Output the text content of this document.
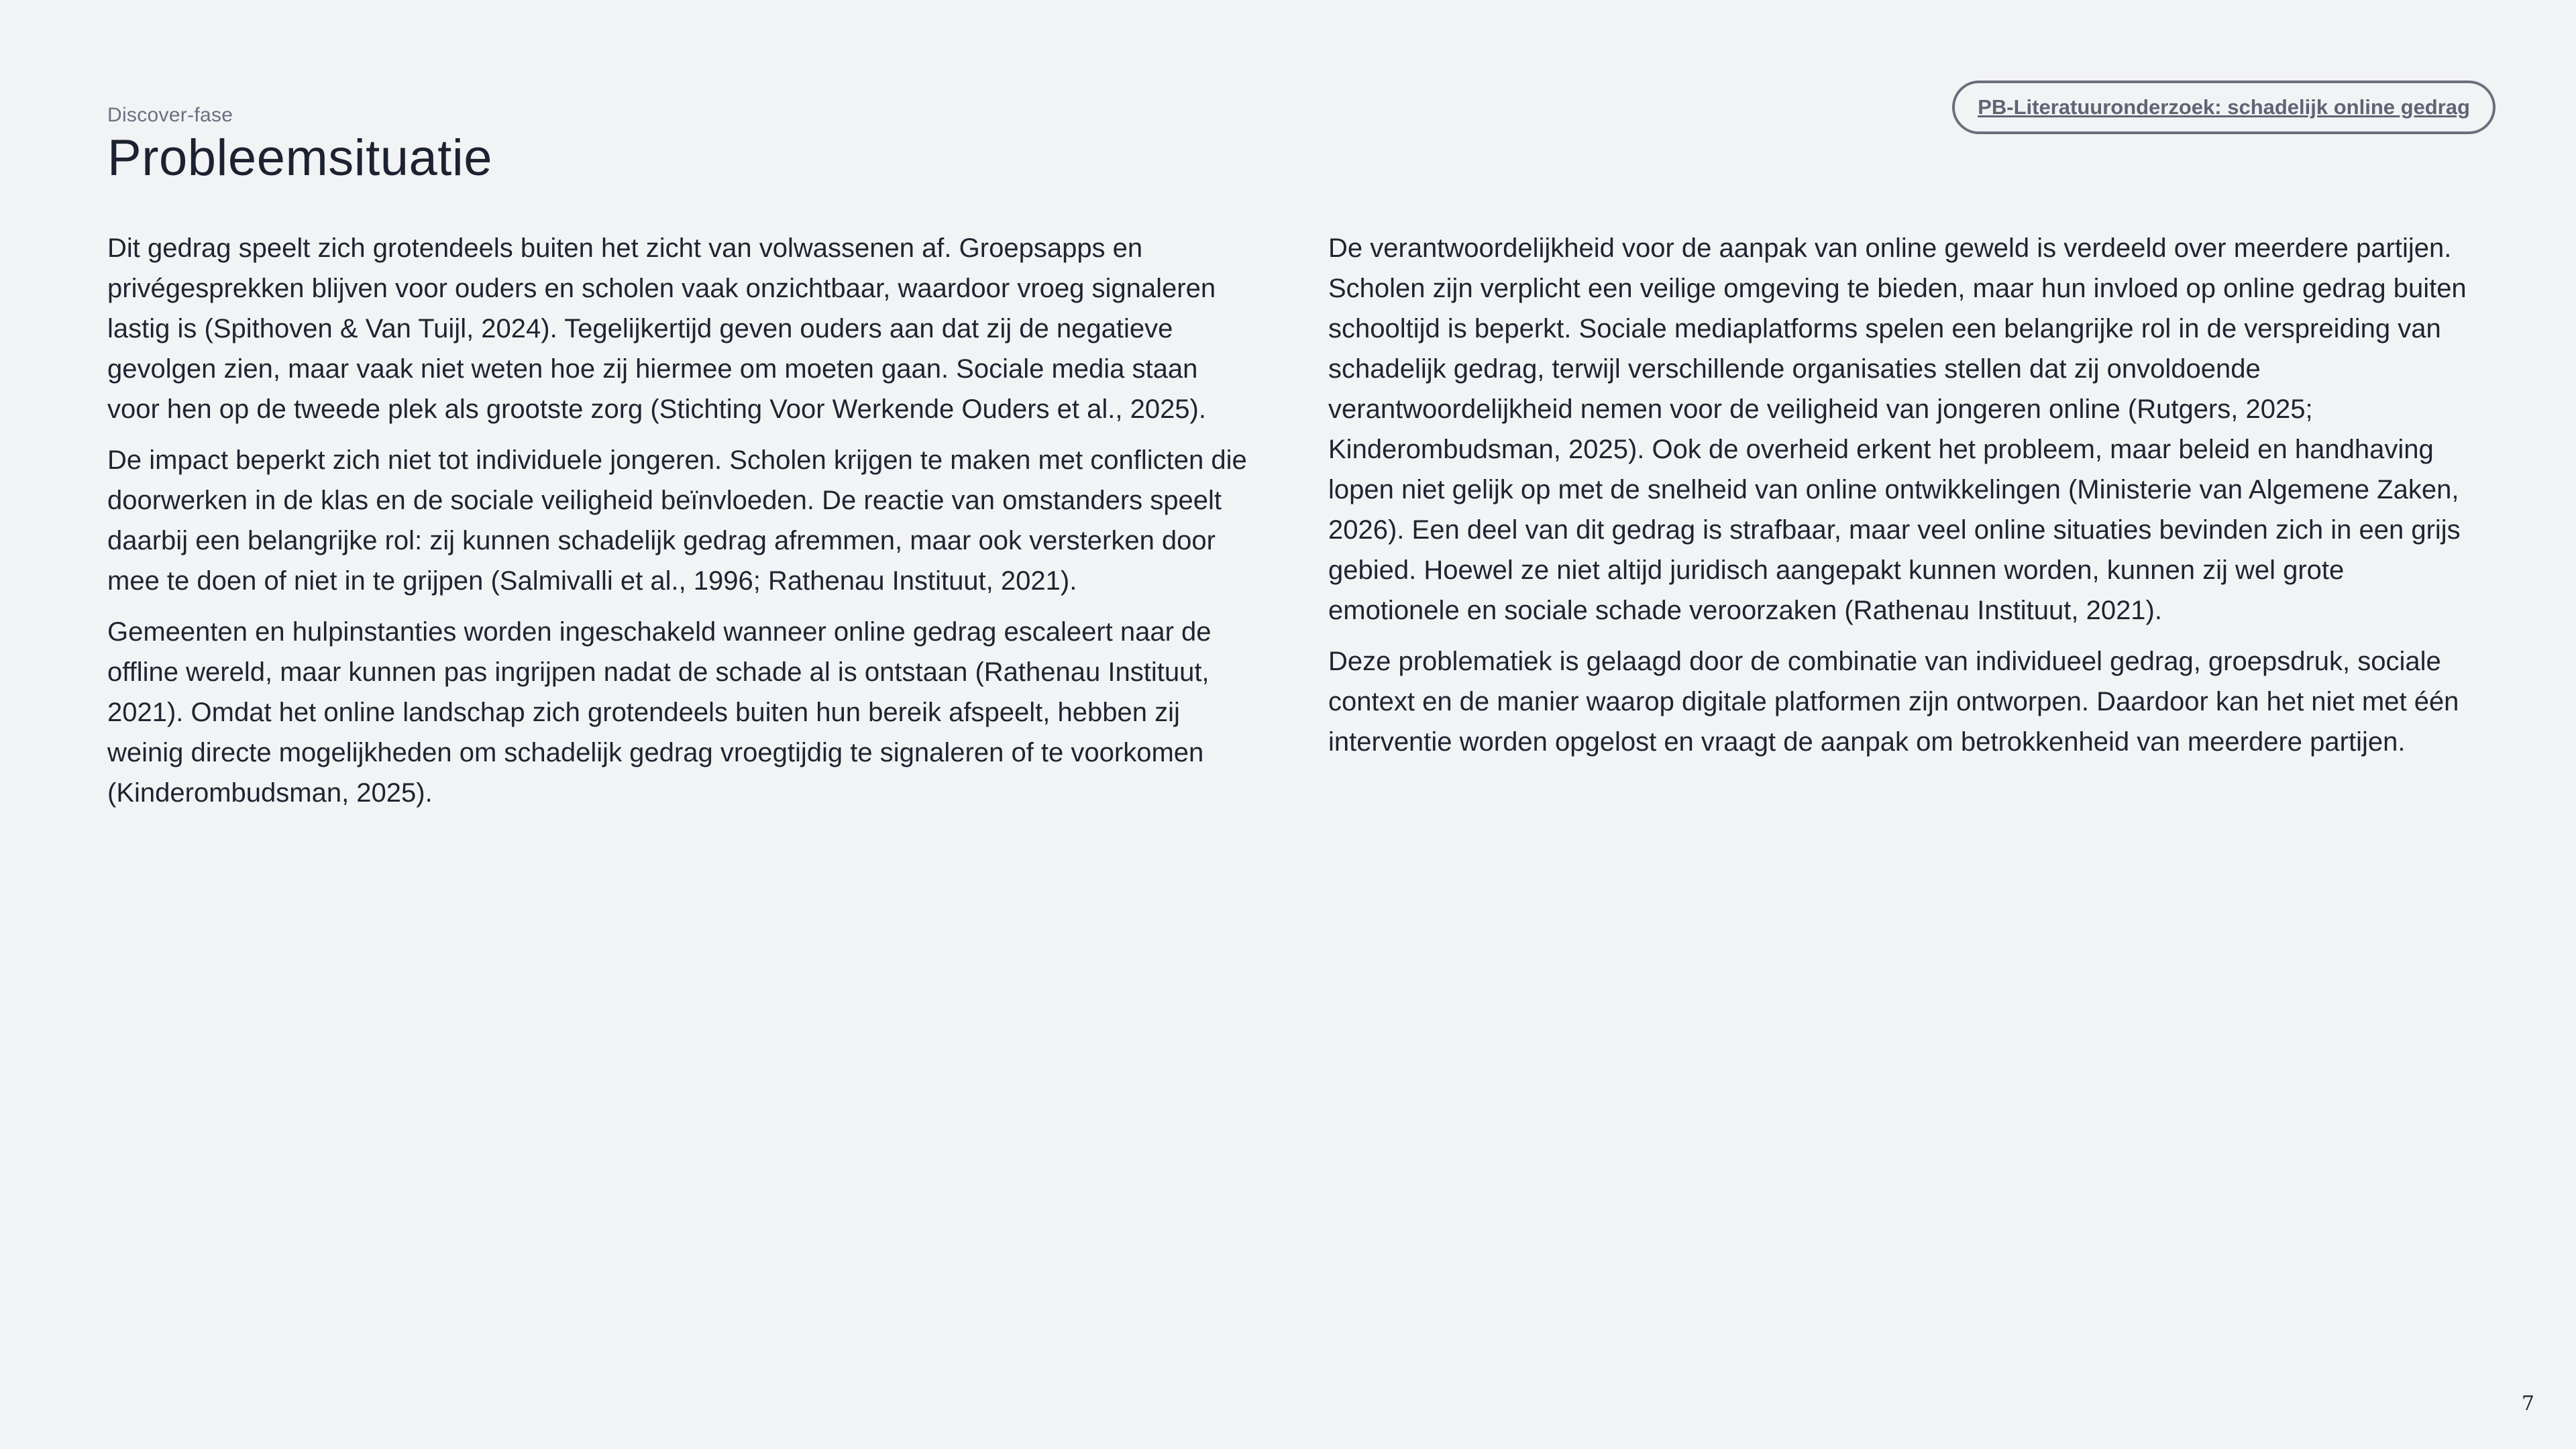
Discover-fase
Probleemsituatie
PB-Literatuuronderzoek: schadelijk online gedrag

Dit gedrag speelt zich grotendeels buiten het zicht van volwassenen af. Groepsapps en privégesprekken blijven voor ouders en scholen vaak onzichtbaar, waardoor vroeg signaleren lastig is (Spithoven & Van Tuijl, 2024). Tegelijkertijd geven ouders aan dat zij de negatieve gevolgen zien, maar vaak niet weten hoe zij hiermee om moeten gaan. Sociale media staan voor hen op de tweede plek als grootste zorg (Stichting Voor Werkende Ouders et al., 2025).

De impact beperkt zich niet tot individuele jongeren. Scholen krijgen te maken met conflicten die doorwerken in de klas en de sociale veiligheid beïnvloeden. De reactie van omstanders speelt daarbij een belangrijke rol: zij kunnen schadelijk gedrag afremmen, maar ook versterken door mee te doen of niet in te grijpen (Salmivalli et al., 1996; Rathenau Instituut, 2021).

Gemeenten en hulpinstanties worden ingeschakeld wanneer online gedrag escaleert naar de offline wereld, maar kunnen pas ingrijpen nadat de schade al is ontstaan (Rathenau Instituut, 2021). Omdat het online landschap zich grotendeels buiten hun bereik afspeelt, hebben zij weinig directe mogelijkheden om schadelijk gedrag vroegtijdig te signaleren of te voorkomen (Kinderombudsman, 2025).

De verantwoordelijkheid voor de aanpak van online geweld is verdeeld over meerdere partijen. Scholen zijn verplicht een veilige omgeving te bieden, maar hun invloed op online gedrag buiten schooltijd is beperkt. Sociale mediaplatforms spelen een belangrijke rol in de verspreiding van schadelijk gedrag, terwijl verschillende organisaties stellen dat zij onvoldoende verantwoordelijkheid nemen voor de veiligheid van jongeren online (Rutgers, 2025; Kinderombudsman, 2025). Ook de overheid erkent het probleem, maar beleid en handhaving lopen niet gelijk op met de snelheid van online ontwikkelingen (Ministerie van Algemene Zaken, 2026). Een deel van dit gedrag is strafbaar, maar veel online situaties bevinden zich in een grijs gebied. Hoewel ze niet altijd juridisch aangepakt kunnen worden, kunnen zij wel grote emotionele en sociale schade veroorzaken (Rathenau Instituut, 2021).

Deze problematiek is gelaagd door de combinatie van individueel gedrag, groepsdruk, sociale context en de manier waarop digitale platformen zijn ontworpen. Daardoor kan het niet met één interventie worden opgelost en vraagt de aanpak om betrokkenheid van meerdere partijen.

7
